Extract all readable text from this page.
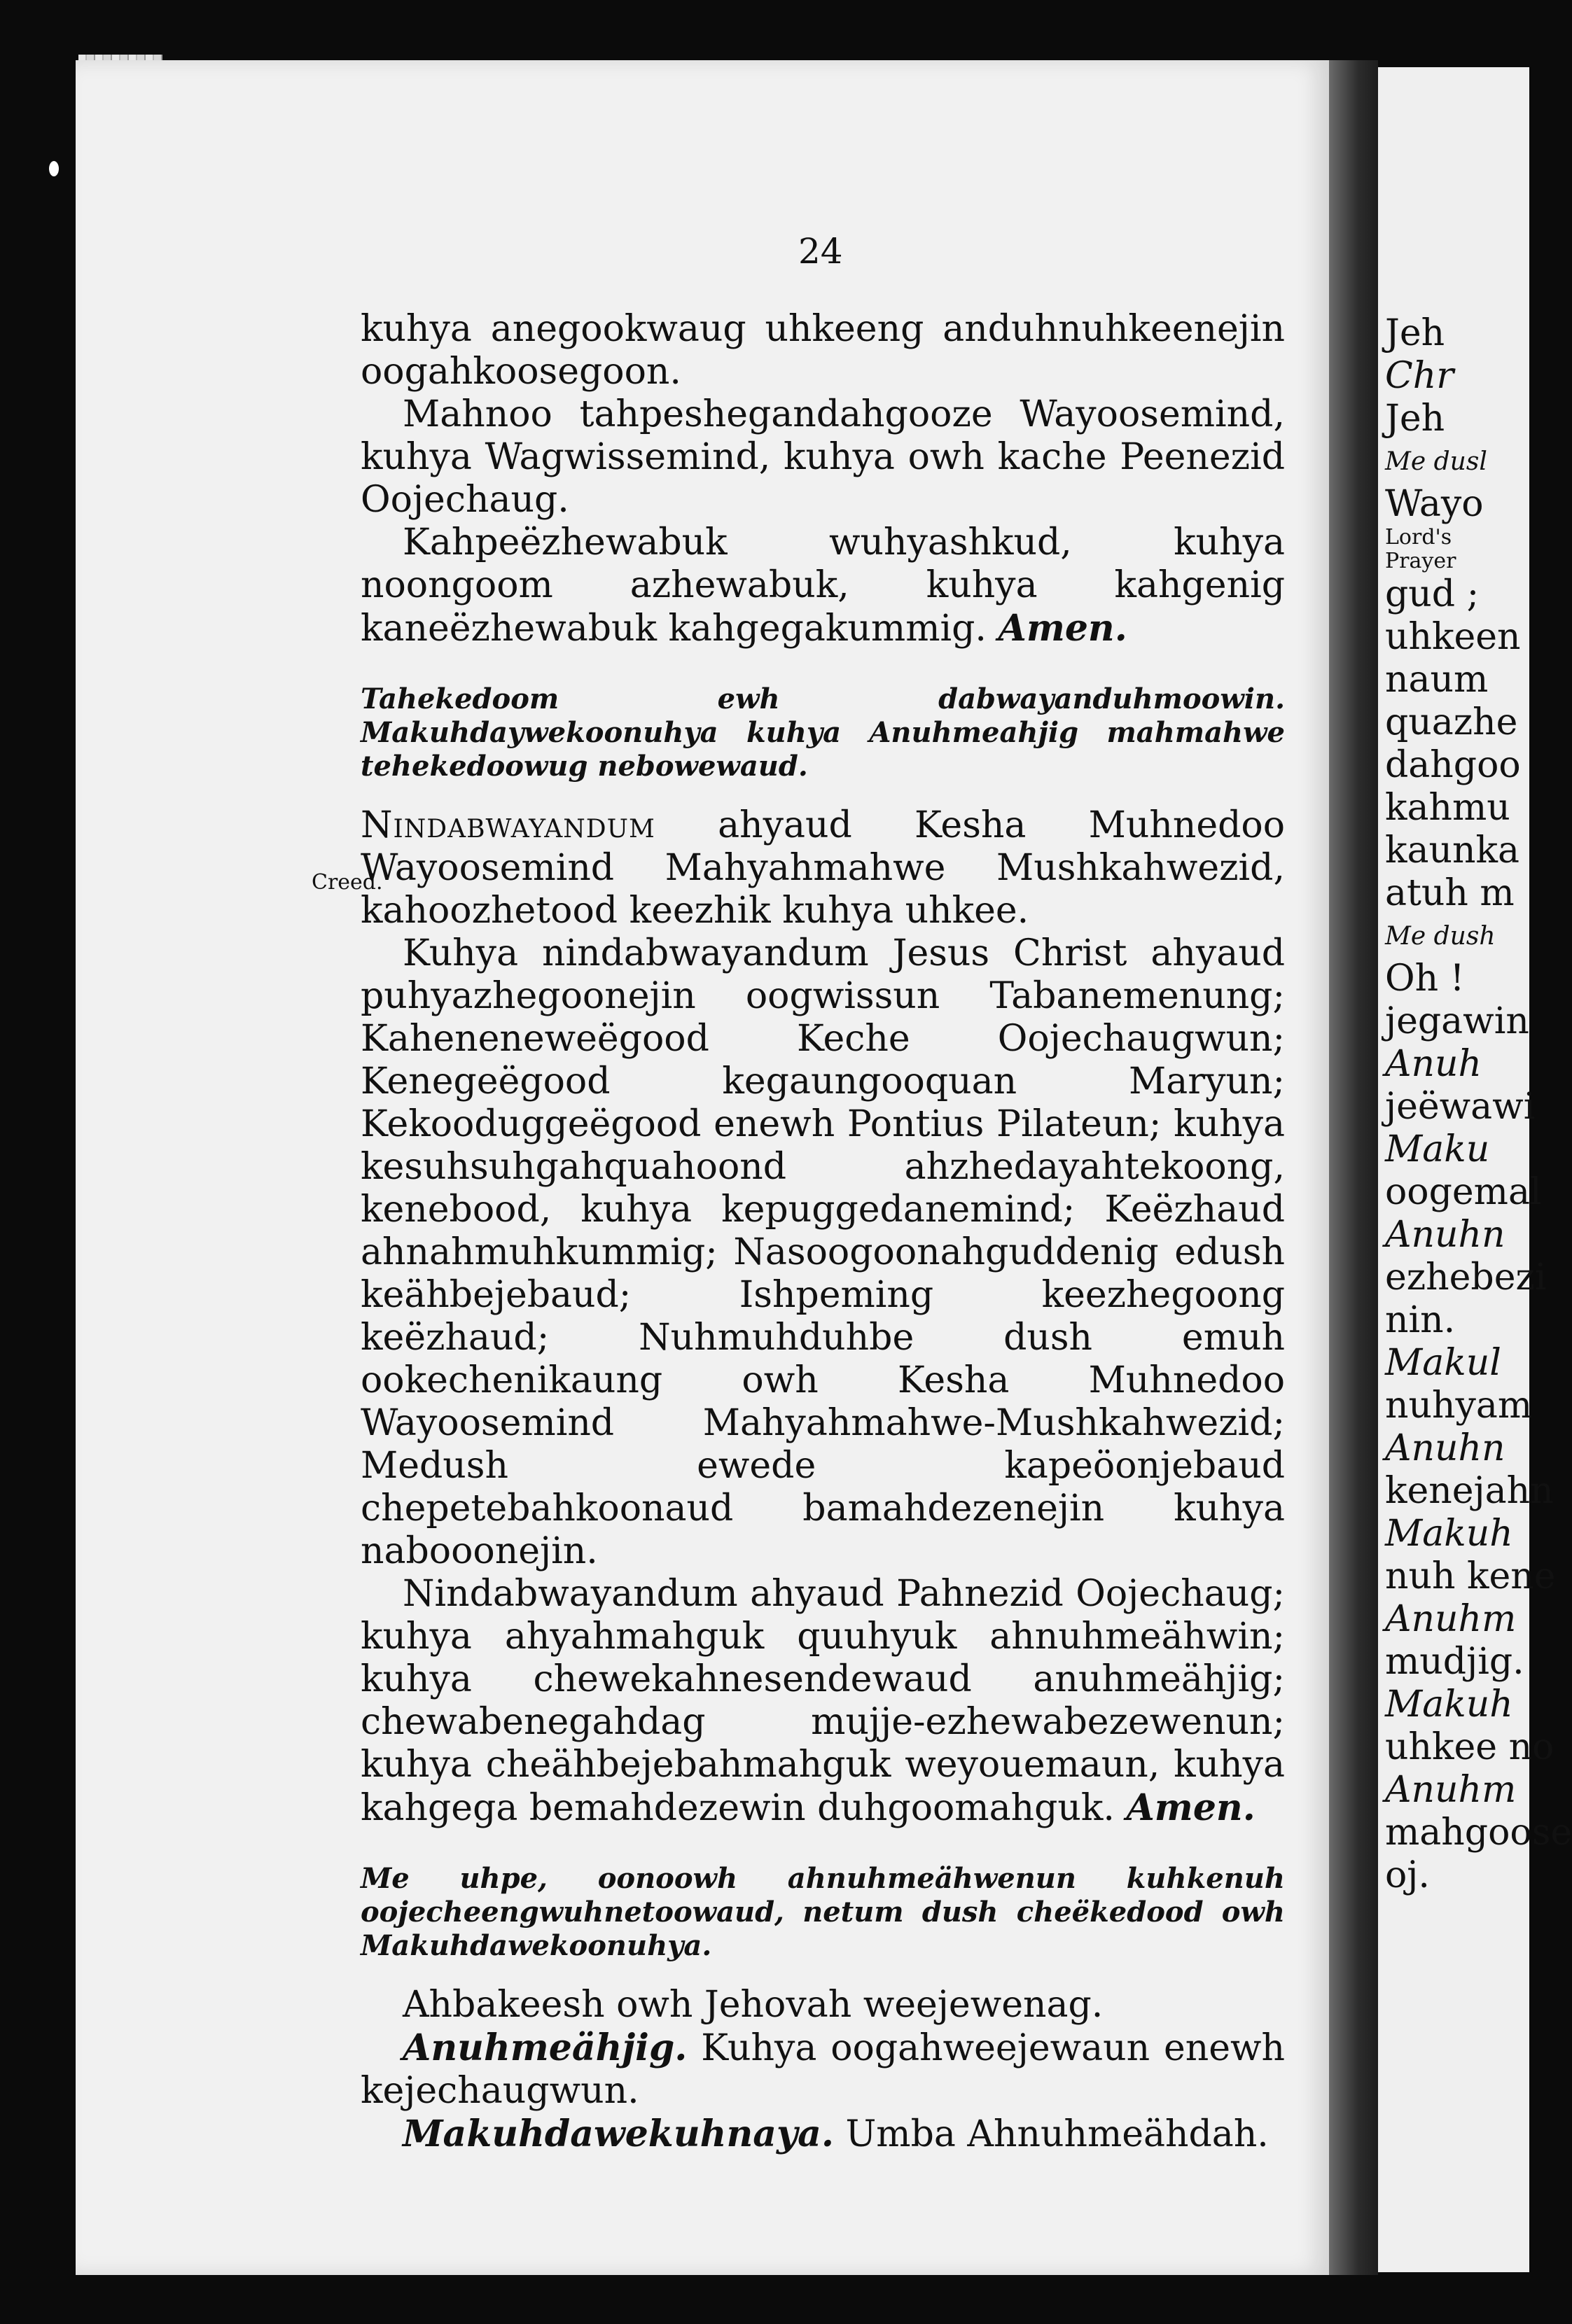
Jeh
Chr
Jeh
Me dusl
Wayo
Lord's
Prayer
gud ;
uhkeen
naum
quazhe
dahgoo
kahmu
kaunka
atuh m
Me dush
Oh !
jegawin
Anuh
jeëwawi
Maku
oogemal
Anuhn
ezhebezi
nin.
Makul
nuhyam
Anuhn
kenejahn
Makuh
nuh kene
Anuhm
mudjig.
Makuh
uhkee no
Anuhm
mahgoose
oj.
24

kuhya anegookwaug uhkeeng anduhnuhkeenejin oogahkoosegoon.

Mahnoo tahpeshegandahgooze Wayoosemind, kuhya Wagwissemind, kuhya owh kache Peenezid Oojechaug.

Kahpeëzhewabuk wuhyashkud, kuhya noongoom azhewabuk, kuhya kahgenig kaneëzhewabuk kahgegakummig. Amen.

Tahekedoom ewh dabwayanduhmoowin. Makuhdaywekoonuhya kuhya Anuhmeahjig mahmahwe tehekedoowug nebowewaud.

Creed.

Nindabwayandum ahyaud Kesha Muhnedoo Wayoosemind Mahyahmahwe Mushkahwezid, kahoozhetood keezhik kuhya uhkee.

Kuhya nindabwayandum Jesus Christ ahyaud puhyazhegoonejin oogwissun Tabanemenung; Kaheneneweëgood Keche Oojechaugwun; Kenegeëgood kegaungooquan Maryun; Kekooduggeëgood enewh Pontius Pilateun; kuhya kesuhsuhgahquahoond ahzhedayahtekoong, kenebood, kuhya kepuggedanemind; Keëzhaud ahnahmuhkummig; Nasoogoonahguddenig edush keähbejebaud; Ishpeming keezhegoong keëzhaud; Nuhmuhduhbe dush emuh ookechenikaung owh Kesha Muhnedoo Wayoosemind Mahyahmahwe-Mushkahwezid; Medush ewede kapeöonjebaud chepetebahkoonaud bamahdezenejin kuhya nabooonejin.

Nindabwayandum ahyaud Pahnezid Oojechaug; kuhya ahyahmahguk quuhyuk ahnuhmeähwin; kuhya chewekahnesendewaud anuhmeähjig; chewabenegahdag mujje-ezhewabezewenun; kuhya cheähbejebahmahguk weyouemaun, kuhya kahgega bemahdezewin duhgoomahguk. Amen.

Me uhpe, oonoowh ahnuhmeähwenun kuhkenuh oojecheengwuhnetoowaud, netum dush cheëkedood owh Makuhdawekoonuhya.

Ahbakeesh owh Jehovah weejewenag.

Anuhmeähjig. Kuhya oogahweejewaun enewh kejechaugwun.

Makuhdawekuhnaya. Umba Ahnuhmeähdah.
